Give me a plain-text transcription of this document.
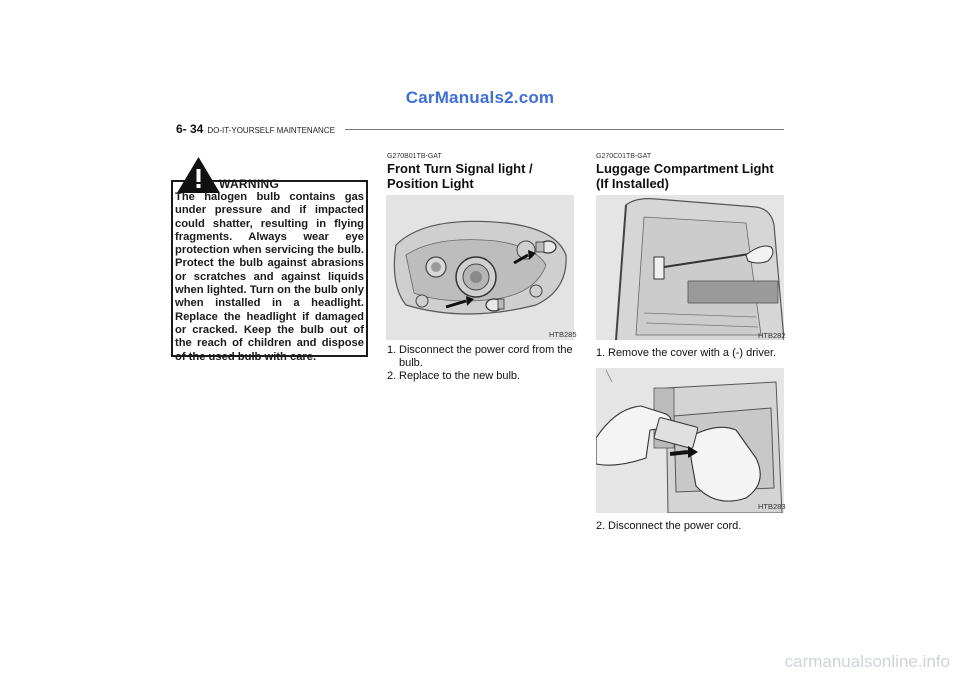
CarManuals2.com
carmanualsonline.info
6- 34 DO-IT-YOURSELF MAINTENANCE
WARNING
The halogen bulb contains gas under pressure and if impacted could shatter, resulting in flying fragments. Always wear eye protection when servicing the bulb. Protect the bulb against abrasions or scratches and against liquids when lighted. Turn on the bulb only when installed in a headlight. Replace the headlight if damaged or cracked. Keep the bulb out of the reach of children and dispose of the used bulb with care.
G270B01TB-GAT
Front Turn Signal light /
Position Light
HTB285
1. Disconnect the power cord from the bulb.
2. Replace to the new bulb.
G270C01TB-GAT
Luggage Compartment Light
(If Installed)
HTB282
1. Remove the cover with a (-) driver.
HTB283
2. Disconnect the power cord.
